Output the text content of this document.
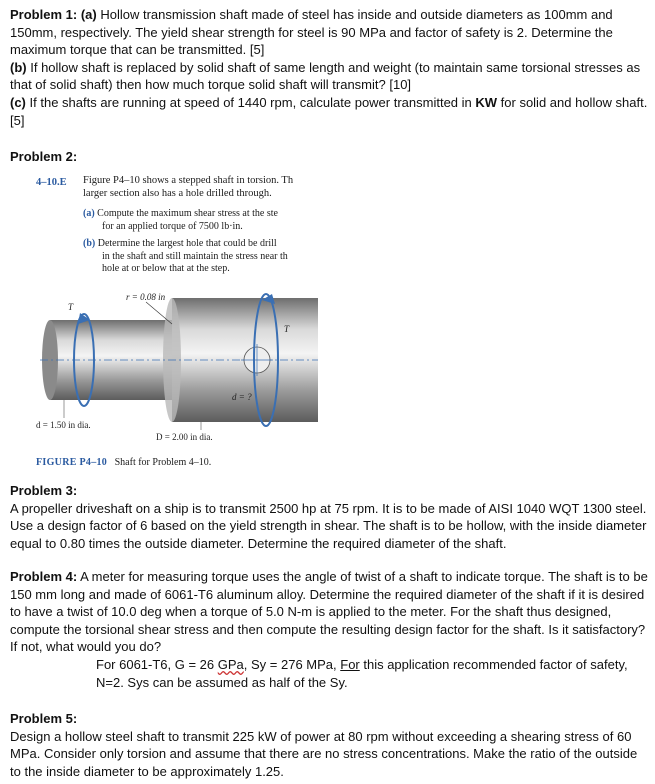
Problem 1: (a) Hollow transmission shaft made of steel has inside and outside diameters as 100mm and 150mm, respectively. The yield shear strength for steel is 90 MPa and factor of safety is 2. Determine the maximum torque that can be transmitted. [5]

(b) If hollow shaft is replaced by solid shaft of same length and weight (to maintain same torsional stresses as that of solid shaft) then how much torque solid shaft will transmit? [10]

(c) If the shafts are running at speed of 1440 rpm, calculate power transmitted in KW for solid and hollow shaft. [5]

Problem 2:
r = 0.08 in
T
T
d = ?
d = 1.50 in dia.
D = 2.00 in dia.
4–10.E Figure P4–10 shows a stepped shaft in torsion. Th
larger section also has a hole drilled through.
(a) Compute the maximum shear stress at the ste
for an applied torque of 7500 lb·in.
(b) Determine the largest hole that could be drill
in the shaft and still maintain the stress near th
hole at or below that at the step.
FIGURE P4–10 Shaft for Problem 4–10.

Problem 3:

A propeller driveshaft on a ship is to transmit 2500 hp at 75 rpm. It is to be made of AISI 1040 WQT 1300 steel. Use a design factor of 6 based on the yield strength in shear. The shaft is to be hollow, with the inside diameter equal to 0.80 times the outside diameter. Determine the required diameter of the shaft.

Problem 4: A meter for measuring torque uses the angle of twist of a shaft to indicate torque. The shaft is to be 150 mm long and made of 6061-T6 aluminum alloy. Determine the required diameter of the shaft if it is desired to have a twist of 10.0 deg when a torque of 5.0 N-m is applied to the meter. For the shaft thus designed, compute the torsional shear stress and then compute the resulting design factor for the shaft. Is it satisfactory? If not, what would you do?

For 6061-T6, G = 26 GPa, Sy = 276 MPa, For this application recommended factor of safety,

N=2. Sys can be assumed as half of the Sy.

Problem 5:

Design a hollow steel shaft to transmit 225 kW of power at 80 rpm without exceeding a shearing stress of 60 MPa. Consider only torsion and assume that there are no stress concentrations. Make the ratio of the outside to the inside diameter to be approximately 1.25.
